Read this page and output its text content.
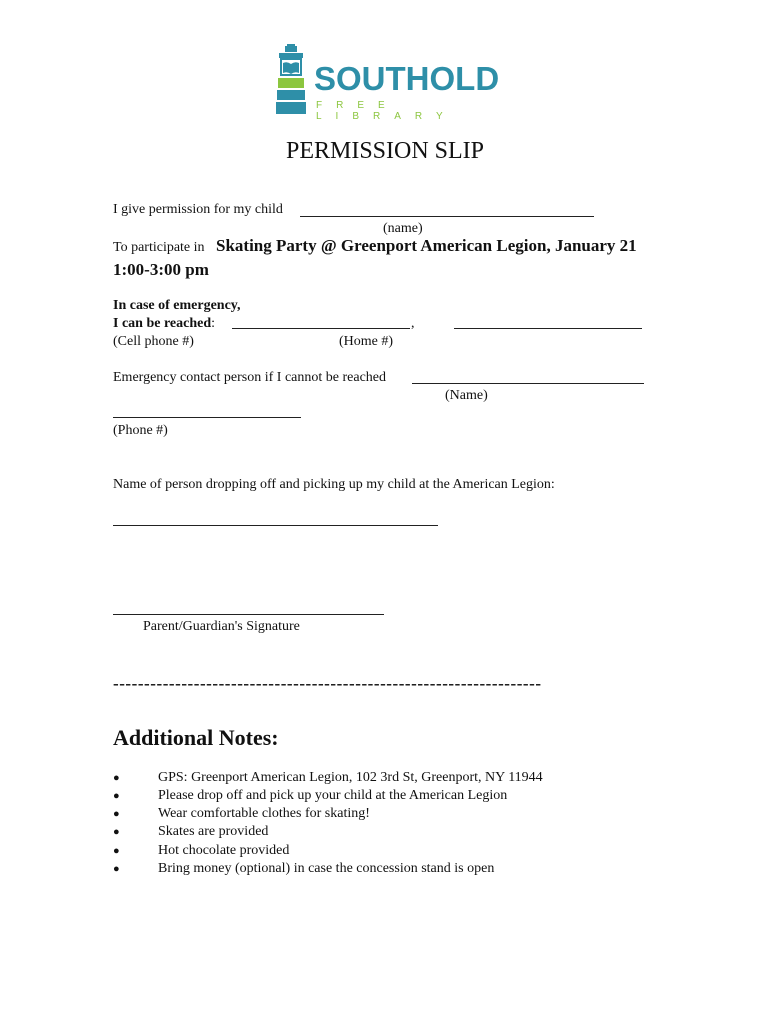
SOUTHOLD
FREE LIBRARY
PERMISSION SLIP
I give permission for my child
(name)
To participate in Skating Party @ Greenport American Legion, January 21
1:00-3:00 pm
In case of emergency,
I can be reached:	,
(Cell phone #)	(Home #)
Emergency contact person if I cannot be reached
(Name)
(Phone #)
Name of person dropping off and picking up my child at the American Legion:
Parent/Guardian's Signature
---------------------------------------------------------------------
Additional Notes:
●	GPS: Greenport American Legion, 102 3rd St, Greenport, NY 11944
●	Please drop off and pick up your child at the American Legion
●	Wear comfortable clothes for skating!
●	Skates are provided
●	Hot chocolate provided
●	Bring money (optional) in case the concession stand is open
